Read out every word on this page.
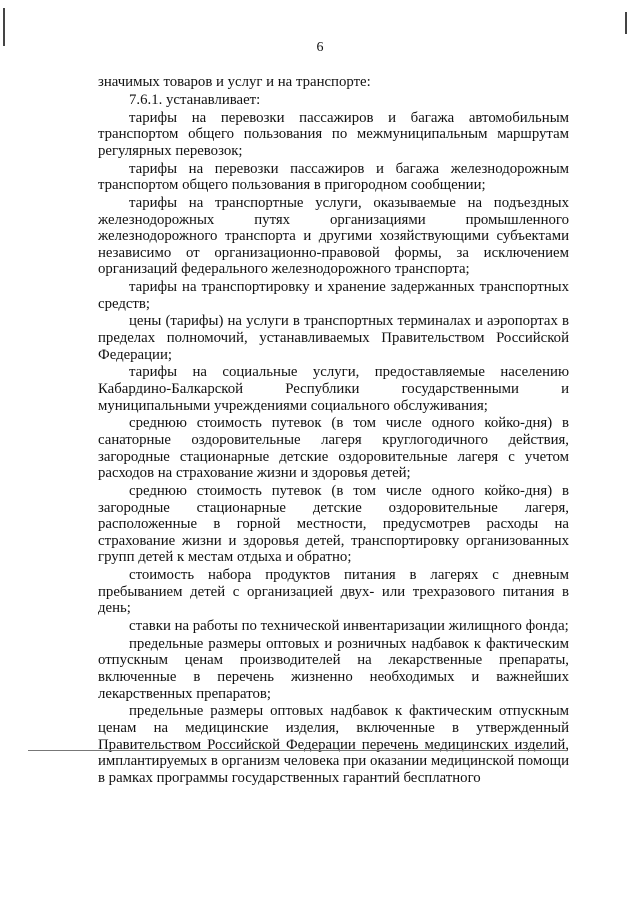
6

значимых товаров и услуг и на транспорте:

7.6.1. устанавливает:

тарифы на перевозки пассажиров и багажа автомобильным транспортом общего пользования по межмуниципальным маршрутам регулярных перевозок;

тарифы на перевозки пассажиров и багажа железнодорожным транспортом общего пользования в пригородном сообщении;

тарифы на транспортные услуги, оказываемые на подъездных железнодорожных путях организациями промышленного железнодорожного транспорта и другими хозяйствующими субъектами независимо от организационно-правовой формы, за исключением организаций федерального железнодорожного транспорта;

тарифы на транспортировку и хранение задержанных транспортных средств;

цены (тарифы) на услуги в транспортных терминалах и аэропортах в пределах полномочий, устанавливаемых Правительством Российской Федерации;

тарифы на социальные услуги, предоставляемые населению Кабардино-Балкарской Республики государственными и муниципальными учреждениями социального обслуживания;

среднюю стоимость путевок (в том числе одного койко-дня) в санаторные оздоровительные лагеря круглогодичного действия, загородные стационарные детские оздоровительные лагеря с учетом расходов на страхование жизни и здоровья детей;

среднюю стоимость путевок (в том числе одного койко-дня) в загородные стационарные детские оздоровительные лагеря, расположенные в горной местности, предусмотрев расходы на страхование жизни и здоровья детей, транспортировку организованных групп детей к местам отдыха и обратно;

стоимость набора продуктов питания в лагерях с дневным пребыванием детей с организацией двух- или трехразового питания в день;

ставки на работы по технической инвентаризации жилищного фонда;

предельные размеры оптовых и розничных надбавок к фактическим отпускным ценам производителей на лекарственные препараты, включенные в перечень жизненно необходимых и важнейших лекарственных препаратов;

предельные размеры оптовых надбавок к фактическим отпускным ценам на медицинские изделия, включенные в утвержденный Правительством Российской Федерации перечень медицинских изделий, имплантируемых в организм человека при оказании медицинской помощи в рамках программы государственных гарантий бесплатного
